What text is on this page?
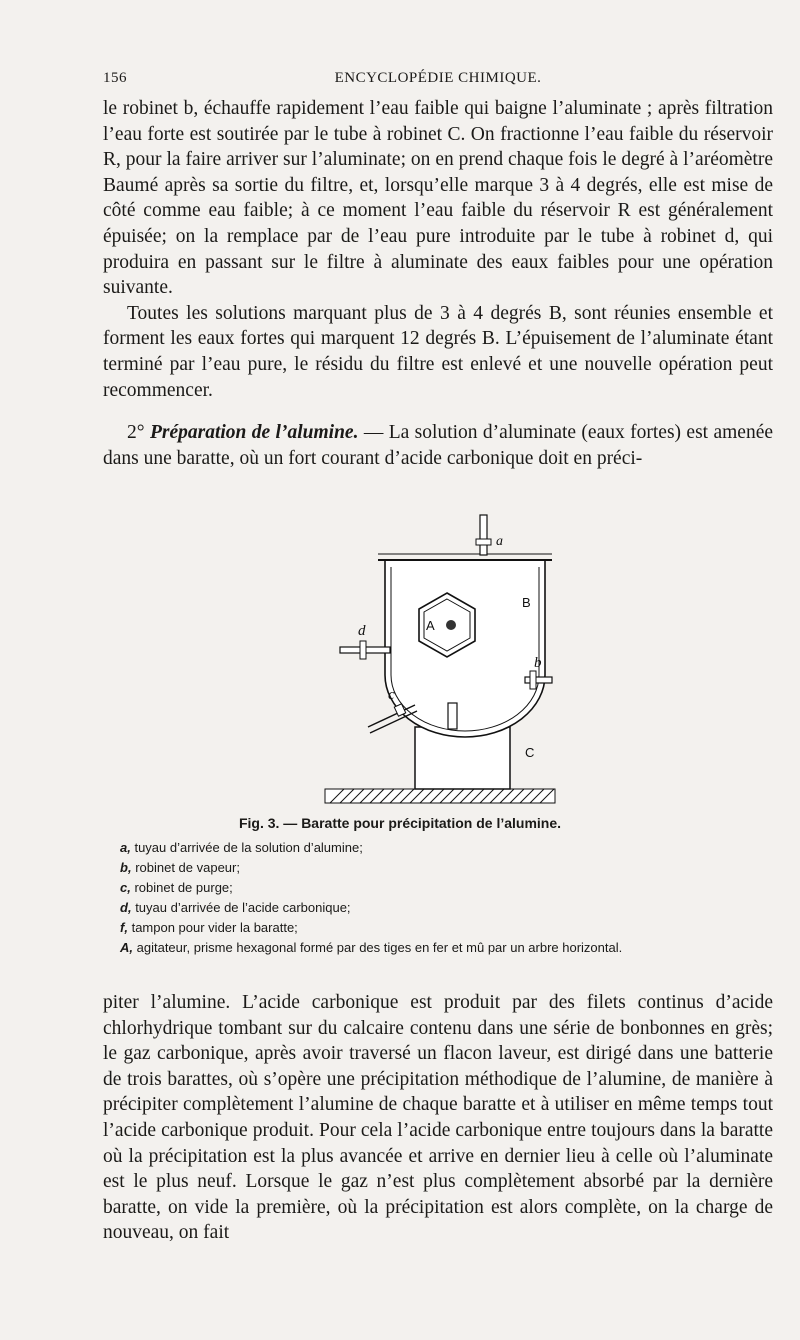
156	ENCYCLOPÉDIE CHIMIQUE.

le robinet b, échauffe rapidement l’eau faible qui baigne l’aluminate ; après filtration l’eau forte est soutirée par le tube à robinet C. On fractionne l’eau faible du réservoir R, pour la faire arriver sur l’aluminate; on en prend chaque fois le degré à l’aréomètre Baumé après sa sortie du filtre, et, lorsqu’elle marque 3 à 4 degrés, elle est mise de côté comme eau faible; à ce moment l’eau faible du réservoir R est généralement épuisée; on la remplace par de l’eau pure introduite par le tube à robinet d, qui produira en passant sur le filtre à aluminate des eaux faibles pour une opération suivante.

Toutes les solutions marquant plus de 3 à 4 degrés B, sont réunies ensemble et forment les eaux fortes qui marquent 12 degrés B. L’épuisement de l’aluminate étant terminé par l’eau pure, le résidu du filtre est enlevé et une nouvelle opération peut recommencer.

2° Préparation de l’alumine. — La solution d’aluminate (eaux fortes) est amenée dans une baratte, où un fort courant d’acide carbonique doit en préci-

a
B
A
d
b
c
C
Fig. 3. — Baratte pour précipitation de l’alumine.
a, tuyau d’arrivée de la solution d’alumine;
b, robinet de vapeur;
c, robinet de purge;
d, tuyau d’arrivée de l’acide carbonique;
f, tampon pour vider la baratte;
A, agitateur, prisme hexagonal formé par des tiges en fer et mû par un arbre horizontal.

piter l’alumine. L’acide carbonique est produit par des filets continus d’acide chlorhydrique tombant sur du calcaire contenu dans une série de bonbonnes en grès; le gaz carbonique, après avoir traversé un flacon laveur, est dirigé dans une batterie de trois barattes, où s’opère une précipitation méthodique de l’alumine, de manière à précipiter complètement l’alumine de chaque baratte et à utiliser en même temps tout l’acide carbonique produit. Pour cela l’acide carbonique entre toujours dans la baratte où la précipitation est la plus avancée et arrive en dernier lieu à celle où l’aluminate est le plus neuf. Lorsque le gaz n’est plus complètement absorbé par la dernière baratte, on vide la première, où la précipitation est alors complète, on la charge de nouveau, on fait
